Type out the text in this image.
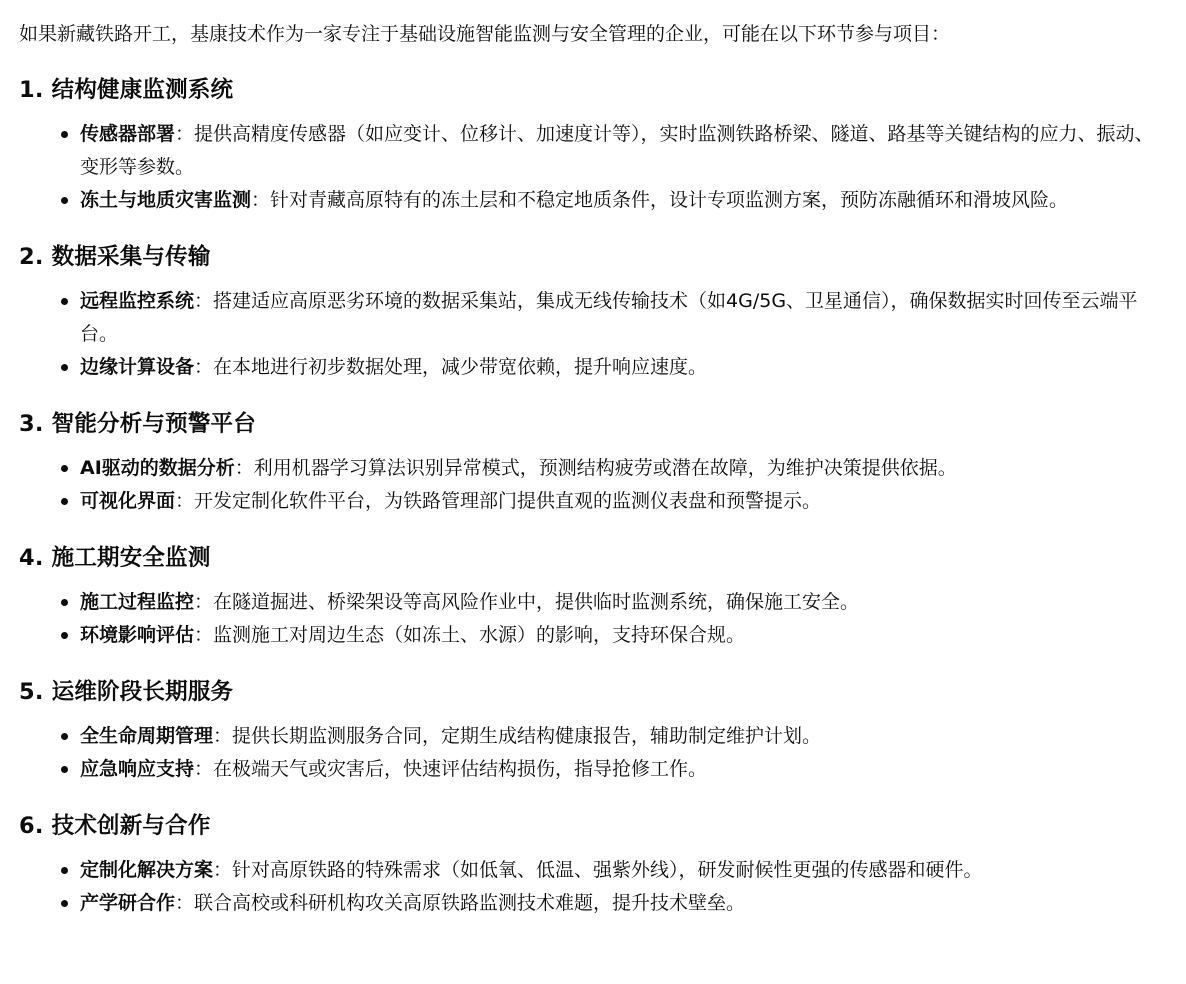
如果新藏铁路开工，基康技术作为一家专注于基础设施智能监测与安全管理的企业，可能在以下环节参与项目：

1. 结构健康监测系统
传感器部署：提供高精度传感器（如应变计、位移计、加速度计等），实时监测铁路桥梁、隧道、路基等关键结构的应力、振动、变形等参数。
冻土与地质灾害监测：针对青藏高原特有的冻土层和不稳定地质条件，设计专项监测方案，预防冻融循环和滑坡风险。
2. 数据采集与传输
远程监控系统：搭建适应高原恶劣环境的数据采集站，集成无线传输技术（如4G/5G、卫星通信），确保数据实时回传至云端平台。
边缘计算设备：在本地进行初步数据处理，减少带宽依赖，提升响应速度。
3. 智能分析与预警平台
AI驱动的数据分析：利用机器学习算法识别异常模式，预测结构疲劳或潜在故障，为维护决策提供依据。
可视化界面：开发定制化软件平台，为铁路管理部门提供直观的监测仪表盘和预警提示。
4. 施工期安全监测
施工过程监控：在隧道掘进、桥梁架设等高风险作业中，提供临时监测系统，确保施工安全。
环境影响评估：监测施工对周边生态（如冻土、水源）的影响，支持环保合规。
5. 运维阶段长期服务
全生命周期管理：提供长期监测服务合同，定期生成结构健康报告，辅助制定维护计划。
应急响应支持：在极端天气或灾害后，快速评估结构损伤，指导抢修工作。
6. 技术创新与合作
定制化解决方案：针对高原铁路的特殊需求（如低氧、低温、强紫外线），研发耐候性更强的传感器和硬件。
产学研合作：联合高校或科研机构攻关高原铁路监测技术难题，提升技术壁垒。
